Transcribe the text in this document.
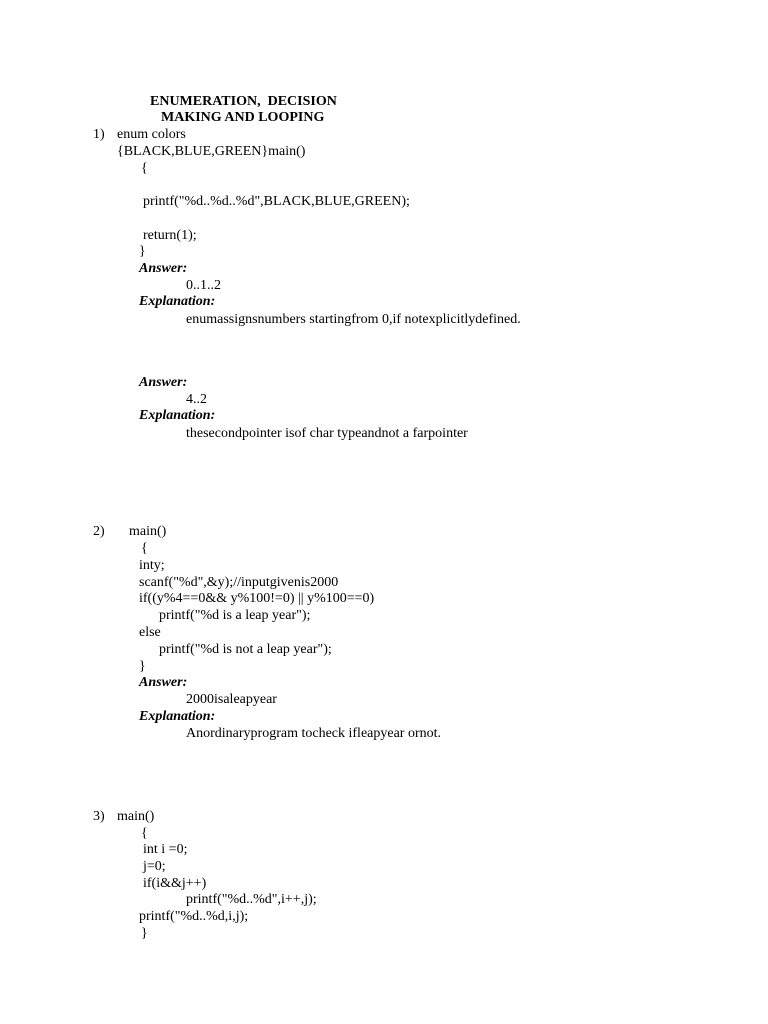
ENUMERATION,  DECISION
MAKING AND LOOPING
1) enum colors
{BLACK,BLUE,GREEN}main()
{
printf("%d..%d..%d",BLACK,BLUE,GREEN);
return(1);
}
Answer:
0..1..2
Explanation:
enumassignsnumbers startingfrom 0,if notexplicitlydefined.
Answer:
4..2
Explanation:
thesecondpointer isof char typeandnot a farpointer
2) main()
{
inty;
scanf("%d",&y);//inputgivenis2000
if((y%4==0&& y%100!=0) || y%100==0)
printf("%d is a leap year");
else
printf("%d is not a leap year");
}
Answer:
2000isaleapyear
Explanation:
Anordinaryprogram tocheck ifleapyear ornot.
3) main()
{
int i =0;
j=0;
if(i&&j++)
printf("%d..%d",i++,j);
printf("%d..%d,i,j);
}
